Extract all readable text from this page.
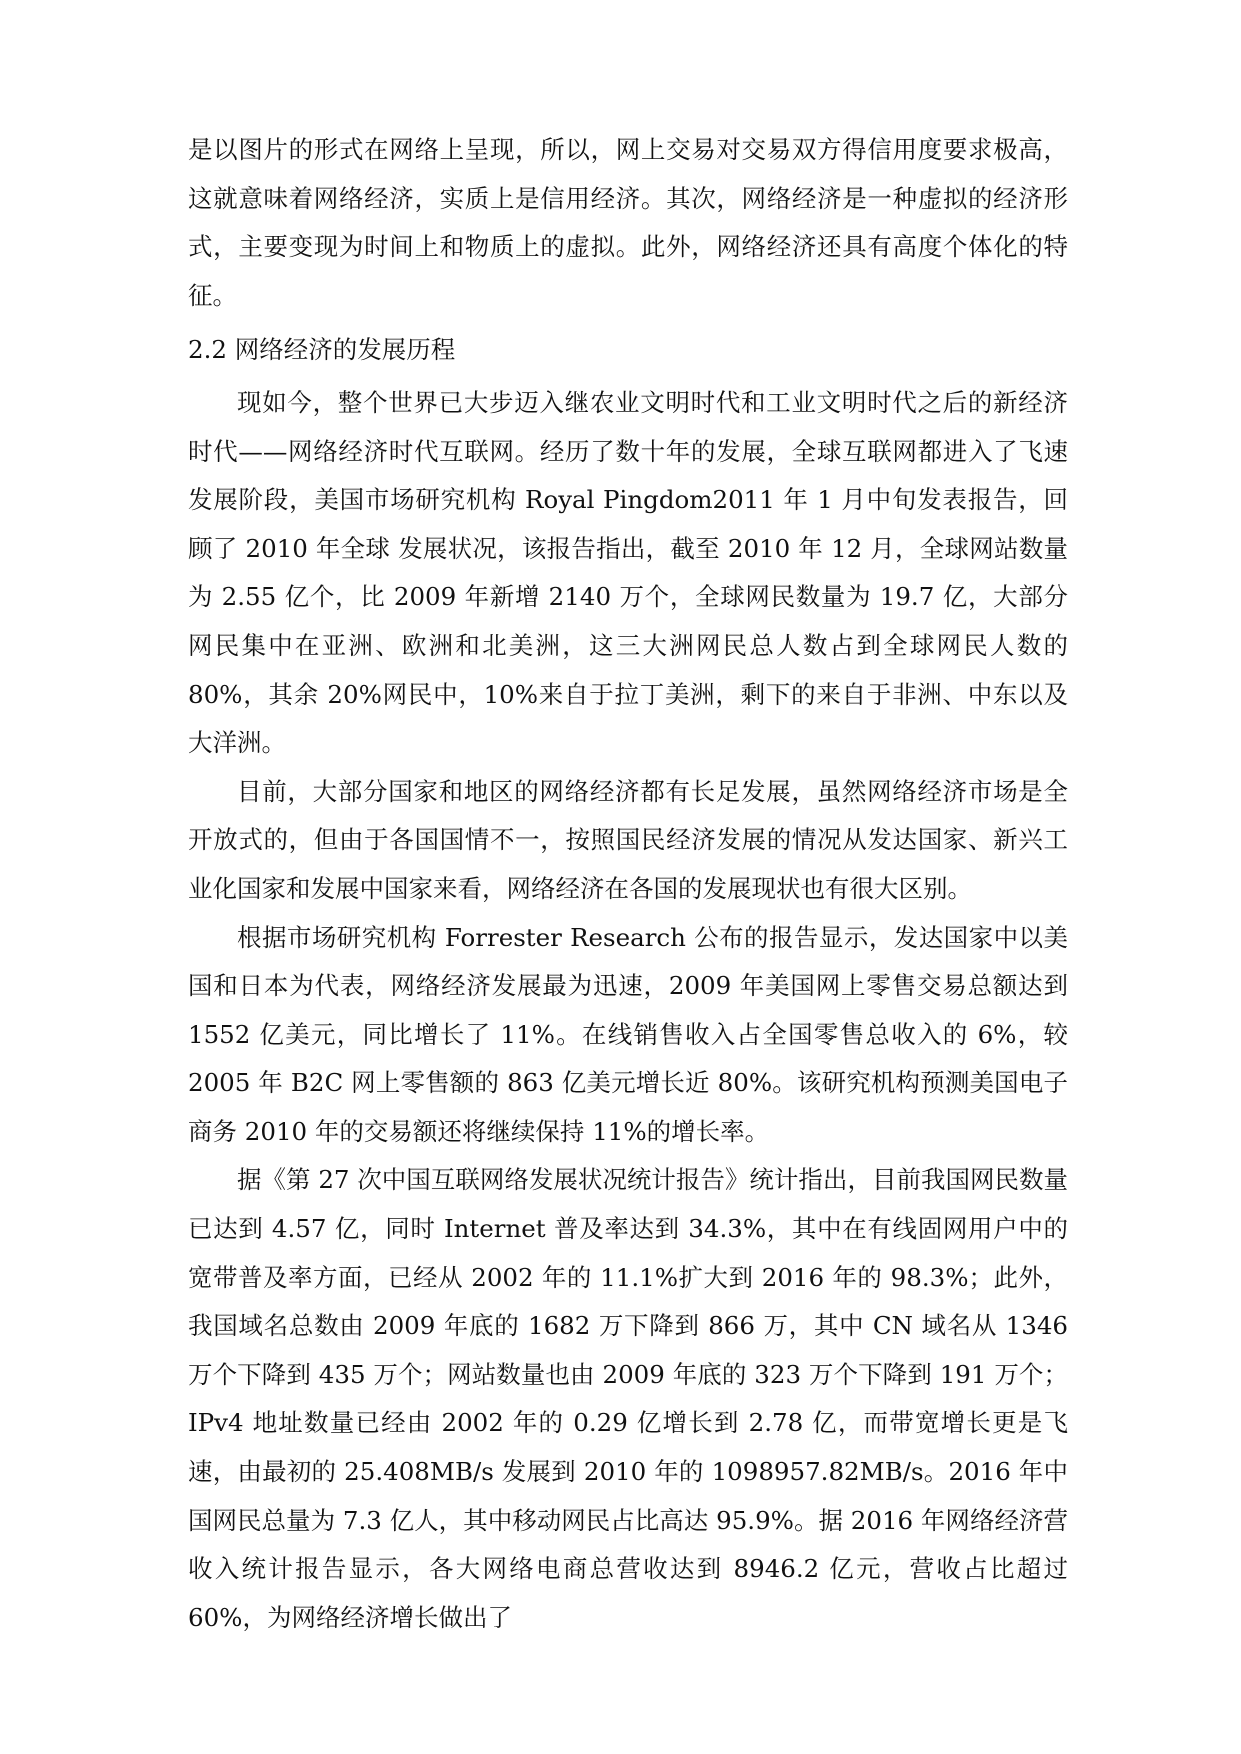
是以图片的形式在网络上呈现，所以，网上交易对交易双方得信用度要求极高，这就意味着网络经济，实质上是信用经济。其次，网络经济是一种虚拟的经济形式，主要变现为时间上和物质上的虚拟。此外，网络经济还具有高度个体化的特征。

2.2 网络经济的发展历程

现如今，整个世界已大步迈入继农业文明时代和工业文明时代之后的新经济时代——网络经济时代互联网。经历了数十年的发展，全球互联网都进入了飞速发展阶段，美国市场研究机构 Royal Pingdom2011 年 1 月中旬发表报告，回顾了 2010 年全球 发展状况，该报告指出，截至 2010 年 12 月，全球网站数量为 2.55 亿个，比 2009 年新增 2140 万个，全球网民数量为 19.7 亿，大部分网民集中在亚洲、欧洲和北美洲，这三大洲网民总人数占到全球网民人数的 80%，其余 20%网民中，10%来自于拉丁美洲，剩下的来自于非洲、中东以及大洋洲。

目前，大部分国家和地区的网络经济都有长足发展，虽然网络经济市场是全开放式的，但由于各国国情不一，按照国民经济发展的情况从发达国家、新兴工业化国家和发展中国家来看，网络经济在各国的发展现状也有很大区别。

根据市场研究机构 Forrester Research 公布的报告显示，发达国家中以美国和日本为代表，网络经济发展最为迅速，2009 年美国网上零售交易总额达到 1552 亿美元，同比增长了 11%。在线销售收入占全国零售总收入的 6%，较 2005 年 B2C 网上零售额的 863 亿美元增长近 80%。该研究机构预测美国电子商务 2010 年的交易额还将继续保持 11%的增长率。

据《第 27 次中国互联网络发展状况统计报告》统计指出，目前我国网民数量已达到 4.57 亿，同时 Internet 普及率达到 34.3%，其中在有线固网用户中的宽带普及率方面，已经从 2002 年的 11.1%扩大到 2016 年的 98.3%；此外，我国域名总数由 2009 年底的 1682 万下降到 866 万，其中 CN 域名从 1346 万个下降到 435 万个；网站数量也由 2009 年底的 323 万个下降到 191 万个；IPv4 地址数量已经由 2002 年的 0.29 亿增长到 2.78 亿，而带宽增长更是飞速，由最初的 25.408MB/s 发展到 2010 年的 1098957.82MB/s。2016 年中国网民总量为 7.3 亿人，其中移动网民占比高达 95.9%。据 2016 年网络经济营收入统计报告显示，各大网络电商总营收达到 8946.2 亿元，营收占比超过 60%，为网络经济增长做出了
